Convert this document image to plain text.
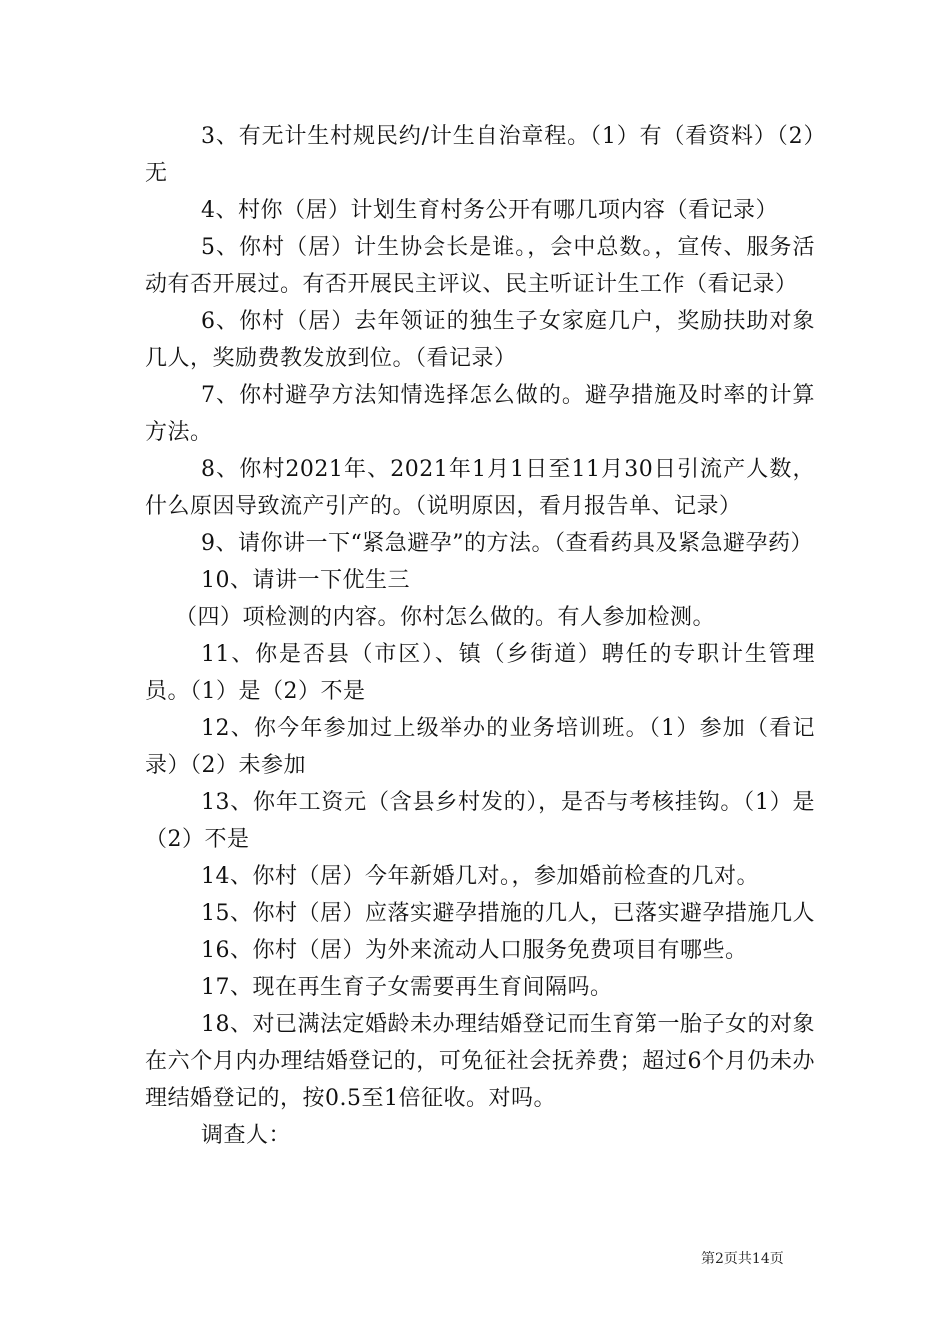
3、有无计生村规民约/计生自治章程。（1）有（看资料）（2）无

4、村你（居）计划生育村务公开有哪几项内容（看记录）

5、你村（居）计生协会长是谁。，会中总数。，宣传、服务活动有否开展过。有否开展民主评议、民主听证计生工作（看记录）

6、你村（居）去年领证的独生子女家庭几户，奖励扶助对象几人，奖励费教发放到位。（看记录）

7、你村避孕方法知情选择怎么做的。避孕措施及时率的计算方法。

8、你村2021年、2021年1月1日至11月30日引流产人数，什么原因导致流产引产的。（说明原因，看月报告单、记录）

9、请你讲一下“紧急避孕”的方法。（查看药具及紧急避孕药）

10、请讲一下优生三

（四）项检测的内容。你村怎么做的。有人参加检测。

11、你是否县（市区）、镇（乡街道）聘任的专职计生管理员。（1）是（2）不是

12、你今年参加过上级举办的业务培训班。（1）参加（看记录）（2）未参加

13、你年工资元（含县乡村发的），是否与考核挂钩。（1）是（2）不是

14、你村（居）今年新婚几对。，参加婚前检查的几对。

15、你村（居）应落实避孕措施的几人，已落实避孕措施几人

16、你村（居）为外来流动人口服务免费项目有哪些。

17、现在再生育子女需要再生育间隔吗。

18、对已满法定婚龄未办理结婚登记而生育第一胎子女的对象在六个月内办理结婚登记的，可免征社会抚养费；超过6个月仍未办理结婚登记的，按0.5至1倍征收。对吗。

调查人：

第2页共14页
